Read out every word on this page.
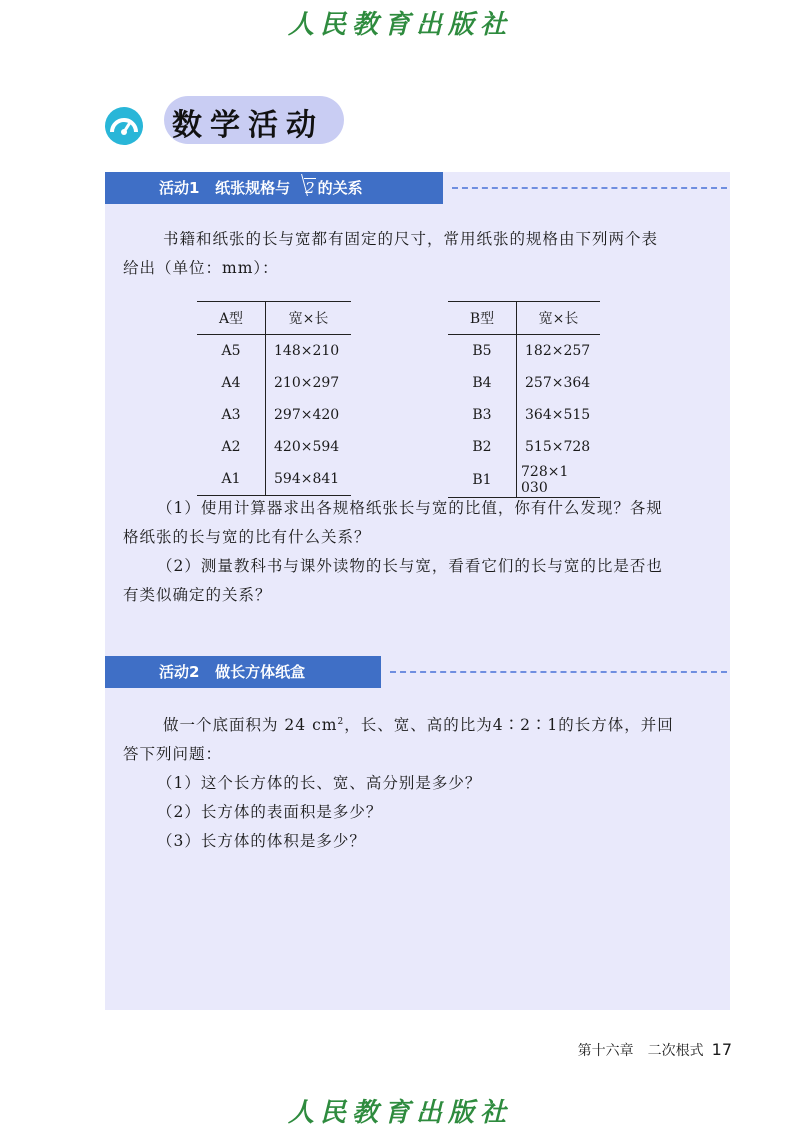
人民教育出版社
数学活动
活动1 纸张规格与 2 的关系
书籍和纸张的长与宽都有固定的尺寸，常用纸张的规格由下列两个表
给出（单位：mm）：
A型	宽×长
A5	148×210
A4	210×297
A3	297×420
A2	420×594
A1	594×841
B型	宽×长
B5	182×257
B4	257×364
B3	364×515
B2	515×728
B1	728×1 030
（1）使用计算器求出各规格纸张长与宽的比值，你有什么发现？各规
格纸张的长与宽的比有什么关系？
（2）测量教科书与课外读物的长与宽，看看它们的长与宽的比是否也
有类似确定的关系？
活动2 做长方体纸盒
做一个底面积为 24 $cm^2$，长、宽、高的比为4∶2∶1的长方体，并回
答下列问题：
（1）这个长方体的长、宽、高分别是多少？
（2）长方体的表面积是多少？
（3）长方体的体积是多少？
第十六章　二次根式 17
人民教育出版社
